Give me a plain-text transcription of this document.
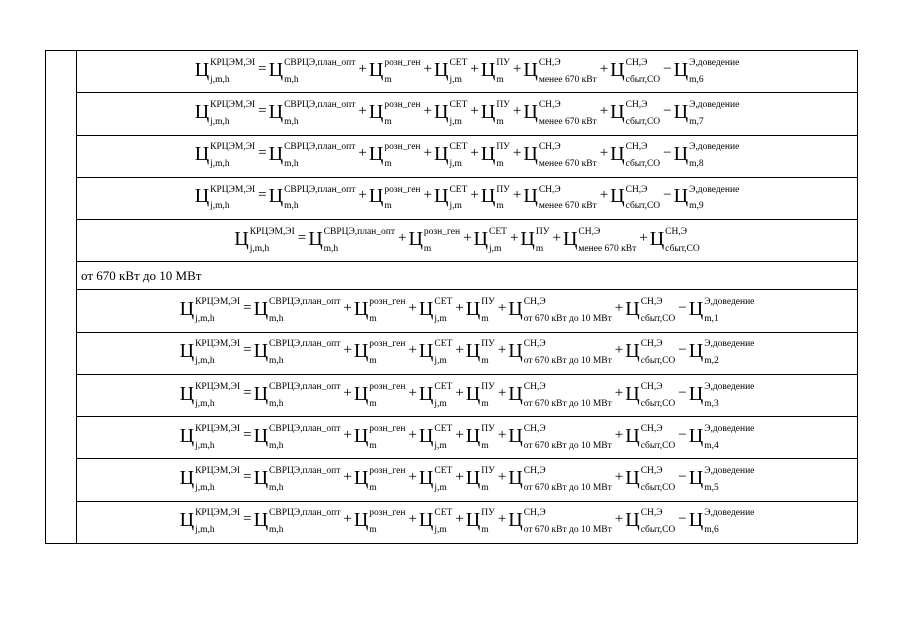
	Ц КРЦЭМ,ЭI
j,m,h
= Ц СВРЦЭ,план_опт
m,h
+ Ц розн_ген
m
+ Ц СЕТ
j,m
+ Ц ПУ
m
+ Ц СН,Э
менее 670 кВт
+ Ц СН,Э
сбыт,СО
− Ц Э,доведение
m,6

Ц КРЦЭМ,ЭI
j,m,h
= Ц СВРЦЭ,план_опт
m,h
+ Ц розн_ген
m
+ Ц СЕТ
j,m
+ Ц ПУ
m
+ Ц СН,Э
менее 670 кВт
+ Ц СН,Э
сбыт,СО
− Ц Э,доведение
m,7

Ц КРЦЭМ,ЭI
j,m,h
= Ц СВРЦЭ,план_опт
m,h
+ Ц розн_ген
m
+ Ц СЕТ
j,m
+ Ц ПУ
m
+ Ц СН,Э
менее 670 кВт
+ Ц СН,Э
сбыт,СО
− Ц Э,доведение
m,8

Ц КРЦЭМ,ЭI
j,m,h
= Ц СВРЦЭ,план_опт
m,h
+ Ц розн_ген
m
+ Ц СЕТ
j,m
+ Ц ПУ
m
+ Ц СН,Э
менее 670 кВт
+ Ц СН,Э
сбыт,СО
− Ц Э,доведение
m,9

Ц КРЦЭМ,ЭI
j,m,h
= Ц СВРЦЭ,план_опт
m,h
+ Ц розн_ген
m
+ Ц СЕТ
j,m
+ Ц ПУ
m
+ Ц СН,Э
менее 670 кВт
+ Ц СН,Э
сбыт,СО

от 670 кВт до 10 МВт
Ц КРЦЭМ,ЭI
j,m,h
= Ц СВРЦЭ,план_опт
m,h
+ Ц розн_ген
m
+ Ц СЕТ
j,m
+ Ц ПУ
m
+ Ц СН,Э
от 670 кВт до 10 МВт
+ Ц СН,Э
сбыт,СО
− Ц Э,доведение
m,1

Ц КРЦЭМ,ЭI
j,m,h
= Ц СВРЦЭ,план_опт
m,h
+ Ц розн_ген
m
+ Ц СЕТ
j,m
+ Ц ПУ
m
+ Ц СН,Э
от 670 кВт до 10 МВт
+ Ц СН,Э
сбыт,СО
− Ц Э,доведение
m,2

Ц КРЦЭМ,ЭI
j,m,h
= Ц СВРЦЭ,план_опт
m,h
+ Ц розн_ген
m
+ Ц СЕТ
j,m
+ Ц ПУ
m
+ Ц СН,Э
от 670 кВт до 10 МВт
+ Ц СН,Э
сбыт,СО
− Ц Э,доведение
m,3

Ц КРЦЭМ,ЭI
j,m,h
= Ц СВРЦЭ,план_опт
m,h
+ Ц розн_ген
m
+ Ц СЕТ
j,m
+ Ц ПУ
m
+ Ц СН,Э
от 670 кВт до 10 МВт
+ Ц СН,Э
сбыт,СО
− Ц Э,доведение
m,4

Ц КРЦЭМ,ЭI
j,m,h
= Ц СВРЦЭ,план_опт
m,h
+ Ц розн_ген
m
+ Ц СЕТ
j,m
+ Ц ПУ
m
+ Ц СН,Э
от 670 кВт до 10 МВт
+ Ц СН,Э
сбыт,СО
− Ц Э,доведение
m,5

Ц КРЦЭМ,ЭI
j,m,h
= Ц СВРЦЭ,план_опт
m,h
+ Ц розн_ген
m
+ Ц СЕТ
j,m
+ Ц ПУ
m
+ Ц СН,Э
от 670 кВт до 10 МВт
+ Ц СН,Э
сбыт,СО
− Ц Э,доведение
m,6
